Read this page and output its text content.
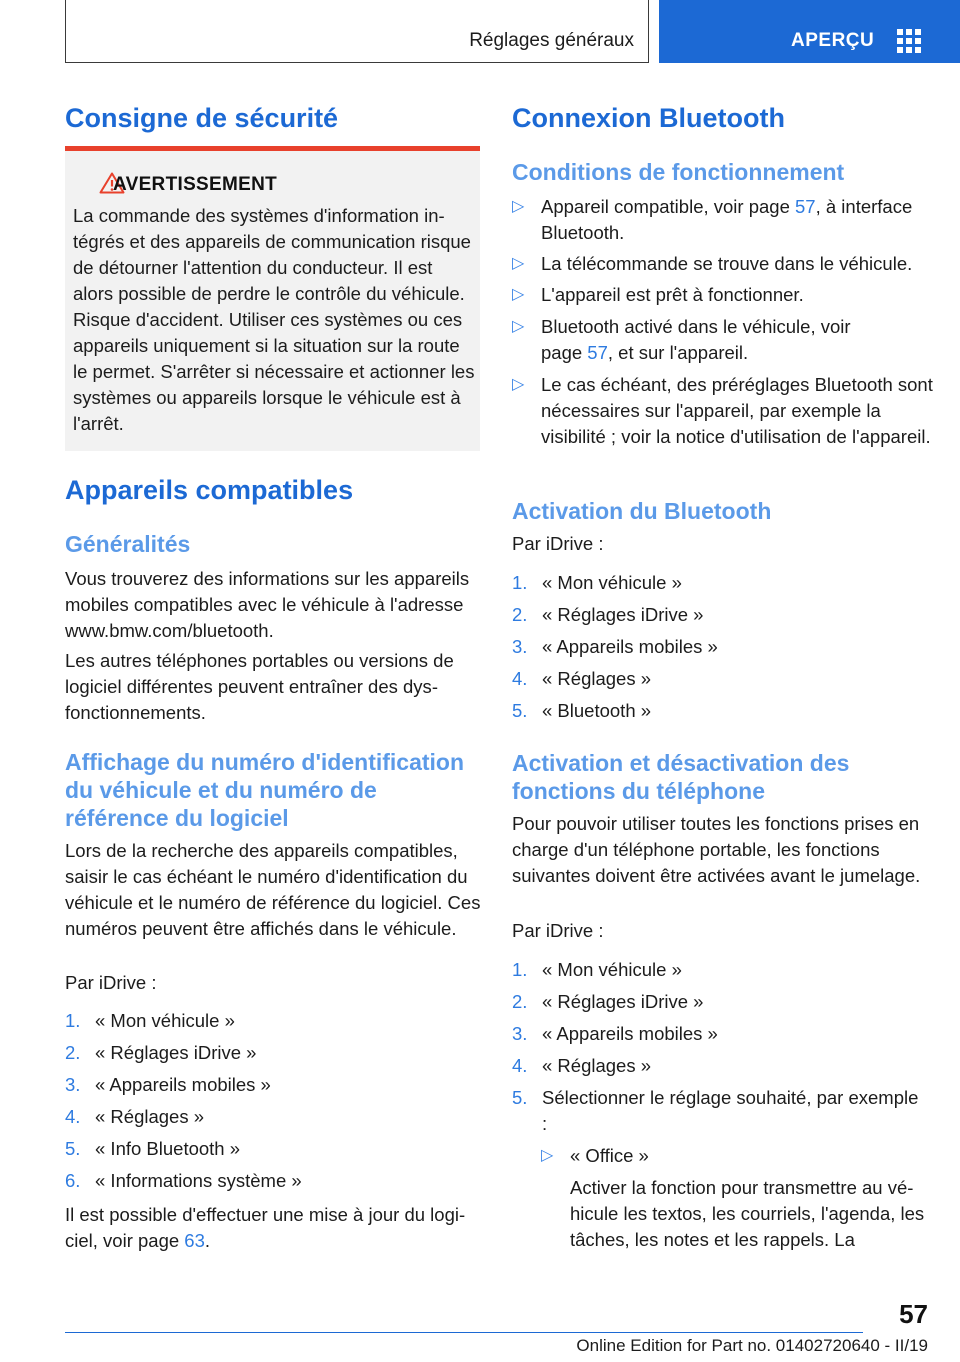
Réglages généraux	APERÇU
Consigne de sécurité
AVERTISSEMENT

La commande des systèmes d'information intégrés et des appareils de communication risque de détourner l'attention du conducteur. Il est alors possible de perdre le contrôle du véhicule. Risque d'accident. Utiliser ces systèmes ou ces appareils uniquement si la situation sur la route le permet. S'arrêter si nécessaire et actionner les systèmes ou appareils lorsque le véhicule est à l'arrêt.

Appareils compatibles
Généralités

Vous trouverez des informations sur les appareils mobiles compatibles avec le véhicule à l'adresse www.bmw.com/bluetooth.

Les autres téléphones portables ou versions de logiciel différentes peuvent entraîner des dysfonctionnements.

Affichage du numéro d'identification du véhicule et du numéro de référence du logiciel

Lors de la recherche des appareils compatibles, saisir le cas échéant le numéro d'identification du véhicule et le numéro de référence du logiciel. Ces numéros peuvent être affichés dans le véhicule.

Par iDrive :

1. « Mon véhicule »
2. « Réglages iDrive »
3. « Appareils mobiles »
4. « Réglages »
5. « Info Bluetooth »
6. « Informations système »

Il est possible d'effectuer une mise à jour du logiciel, voir page 63.

Connexion Bluetooth
Conditions de fonctionnement
▷ Appareil compatible, voir page 57, à interface Bluetooth.

▷ La télécommande se trouve dans le véhicule.

▷ L'appareil est prêt à fonctionner.

▷ Bluetooth activé dans le véhicule, voir page 57, et sur l'appareil.

▷ Le cas échéant, des préréglages Bluetooth sont nécessaires sur l'appareil, par exemple la visibilité ; voir la notice d'utilisation de l'appareil.

Activation du Bluetooth

Par iDrive :

1. « Mon véhicule »
2. « Réglages iDrive »
3. « Appareils mobiles »
4. « Réglages »
5. « Bluetooth »
Activation et désactivation des fonctions du téléphone

Pour pouvoir utiliser toutes les fonctions prises en charge d'un téléphone portable, les fonctions suivantes doivent être activées avant le jumelage.

Par iDrive :

1. « Mon véhicule »
2. « Réglages iDrive »
3. « Appareils mobiles »
4. « Réglages »
5. Sélectionner le réglage souhaité, par exemple :
▷ « Office »

Activer la fonction pour transmettre au véhicule les textos, les courriels, l'agenda, les tâches, les notes et les rappels. La

57
Online Edition for Part no. 01402720640 - II/19
